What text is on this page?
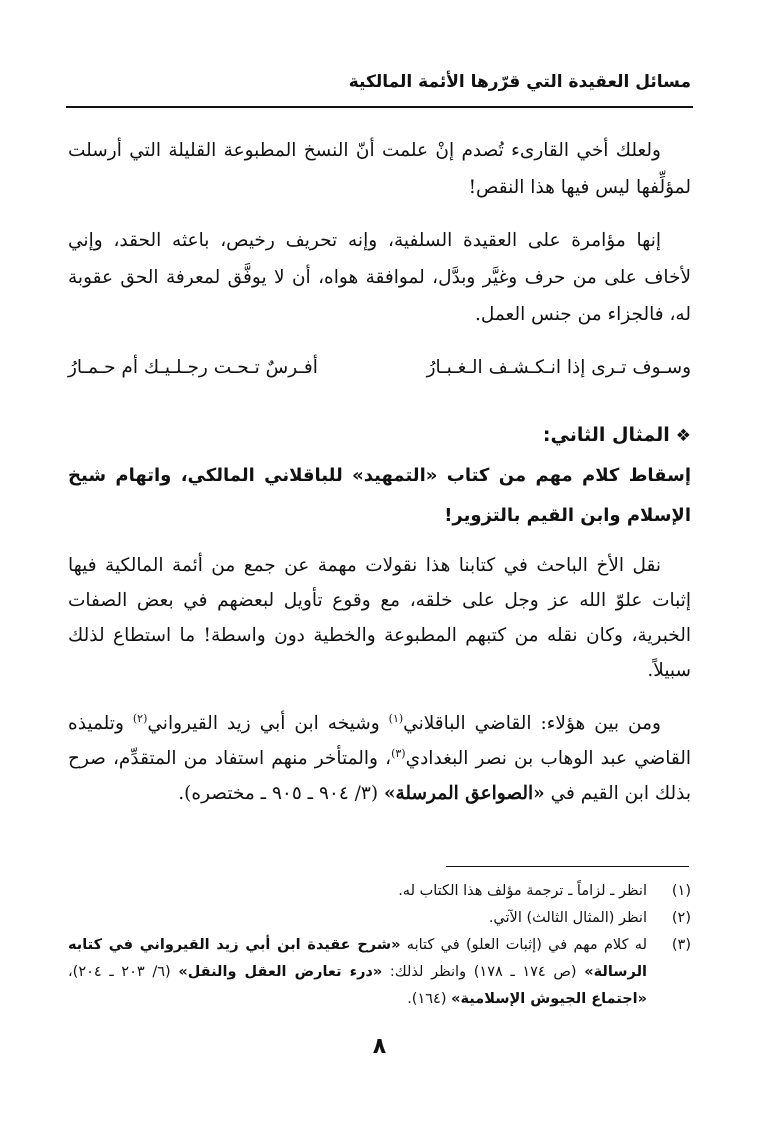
مسائل العقيدة التي قرّرها الأئمة المالكية
ولعلك أخي القارىء تُصدم إنْ علمت أنّ النسخ المطبوعة القليلة التي أرسلت لمؤلِّفها ليس فيها هذا النقص!
إنها مؤامرة على العقيدة السلفية، وإنه تحريف رخيص، باعثه الحقد، وإني لأخاف على من حرف وغيَّر وبدَّل، لموافقة هواه، أن لا يوفَّق لمعرفة الحق عقوبة له، فالجزاء من جنس العمل.
وسـوف تـرى إذا انـكـشـف الـغـبـارُ
أفـرسٌ تـحـت رجـلـيـك أم حـمـارُ
❖المثال الثاني:
إسقاط كلام مهم من كتاب «التمهيد» للباقلاني المالكي، واتهام شيخ الإسلام وابن القيم بالتزوير!
نقل الأخ الباحث في كتابنا هذا نقولات مهمة عن جمع من أئمة المالكية فيها إثبات علوّ الله عز وجل على خلقه، مع وقوع تأويل لبعضهم في بعض الصفات الخبرية، وكان نقله من كتبهم المطبوعة والخطية دون واسطة! ما استطاع لذلك سبيلاً.
ومن بين هؤلاء: القاضي الباقلاني$^{(١)}$ وشيخه ابن أبي زيد القيرواني$^{(٢)}$ وتلميذه القاضي عبد الوهاب بن نصر البغدادي$^{(٣)}$، والمتأخر منهم استفاد من المتقدِّم، صرح بذلك ابن القيم في «الصواعق المرسلة» (٣/ ٩٠٤ ـ ٩٠٥ ـ مختصره).
(١)
انظر ـ لزاماً ـ ترجمة مؤلف هذا الكتاب له.
(٢)
انظر (المثال الثالث) الآتي.
(٣)
له كلام مهم في (إثبات العلو) في كتابه «شرح عقيدة ابن أبي زيد القيرواني في كتابه الرسالة» (ص ١٧٤ ـ ١٧٨) وانظر لذلك: «درء تعارض العقل والنقل» (٦/ ٢٠٣ ـ ٢٠٤)، «اجتماع الجيوش الإسلامية» (١٦٤).
٨
